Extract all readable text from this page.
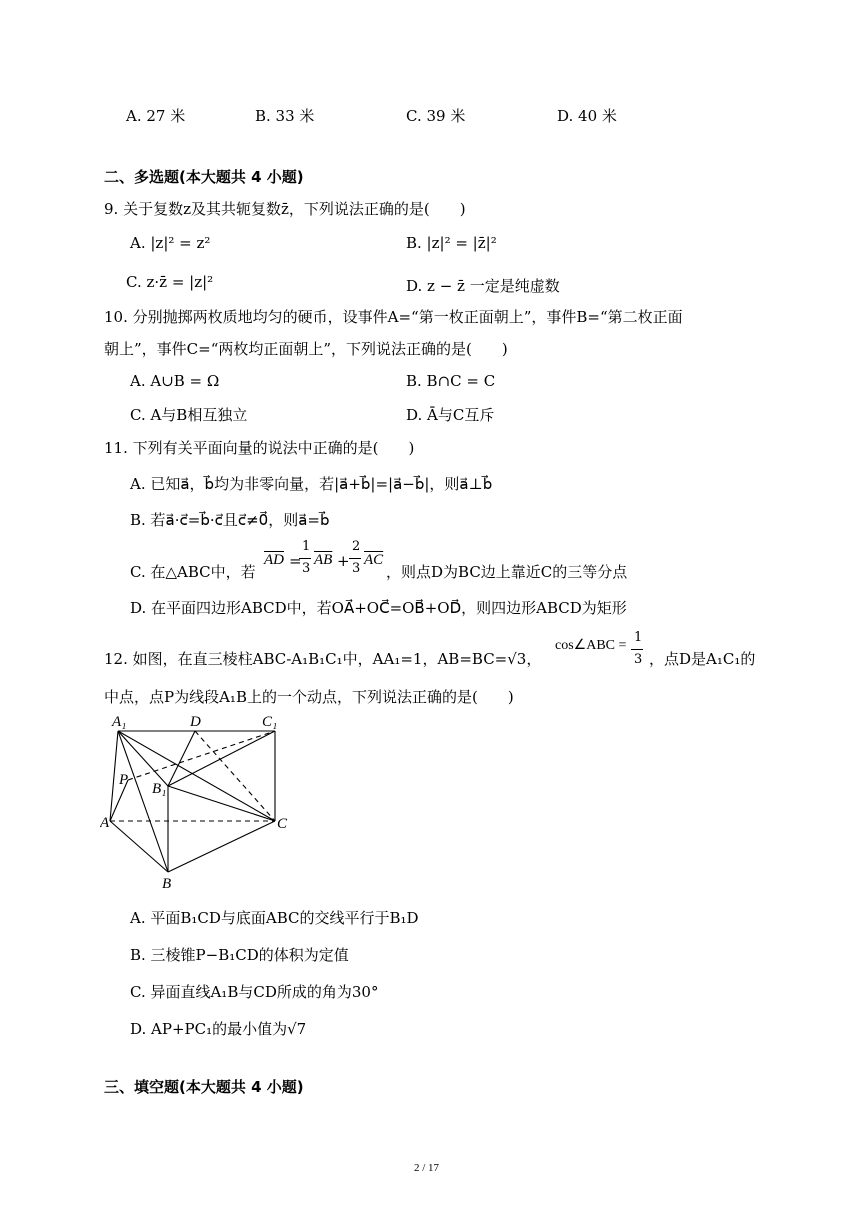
A. 27 米	B. 33 米	C. 39 米	D. 40 米
二、多选题(本大题共 4 小题)
9. 关于复数z及其共轭复数z̄，下列说法正确的是(　　)
A. |z|² = z²	B. |z|² = |z̄|²
C. z·z̄ = |z|²	D. z − z̄ 一定是纯虚数
10. 分别抛掷两枚质地均匀的硬币，设事件A=“第一枚正面朝上”，事件B=“第二枚正面
朝上”，事件C=“两枚均正面朝上”，下列说法正确的是(　　)
A. A∪B = Ω	B. B∩C = C
C. A与B相互独立	D. Ā与C互斥
11. 下列有关平面向量的说法中正确的是(　　)
A. 已知a⃗，b⃗均为非零向量，若|a⃗+b⃗|=|a⃗−b⃗|，则a⃗⊥b⃗
B. 若a⃗·c⃗=b⃗·c⃗且c⃗≠0⃗，则a⃗=b⃗
C. 在△ABC中，若
$\overline{AD}$ =
1
3
$\overline{AB}$ +
2
3
$\overline{AC}$
，则点D为BC边上靠近C的三等分点
D. 在平面四边形ABCD中，若OA⃗+OC⃗=OB⃗+OD⃗，则四边形ABCD为矩形
12. 如图，在直三棱柱ABC-A₁B₁C₁中，AA₁=1，AB=BC=√3，
cos∠ABC =
1
3 ，点D是A₁C₁的
中点，点P为线段A₁B上的一个动点，下列说法正确的是(　　)
A₁	D	C₁
P
B₁
A	C
B
A. 平面B₁CD与底面ABC的交线平行于B₁D
B. 三棱锥P−B₁CD的体积为定值
C. 异面直线A₁B与CD所成的角为30°
D. AP+PC₁的最小值为√7
三、填空题(本大题共 4 小题)
2 / 17
